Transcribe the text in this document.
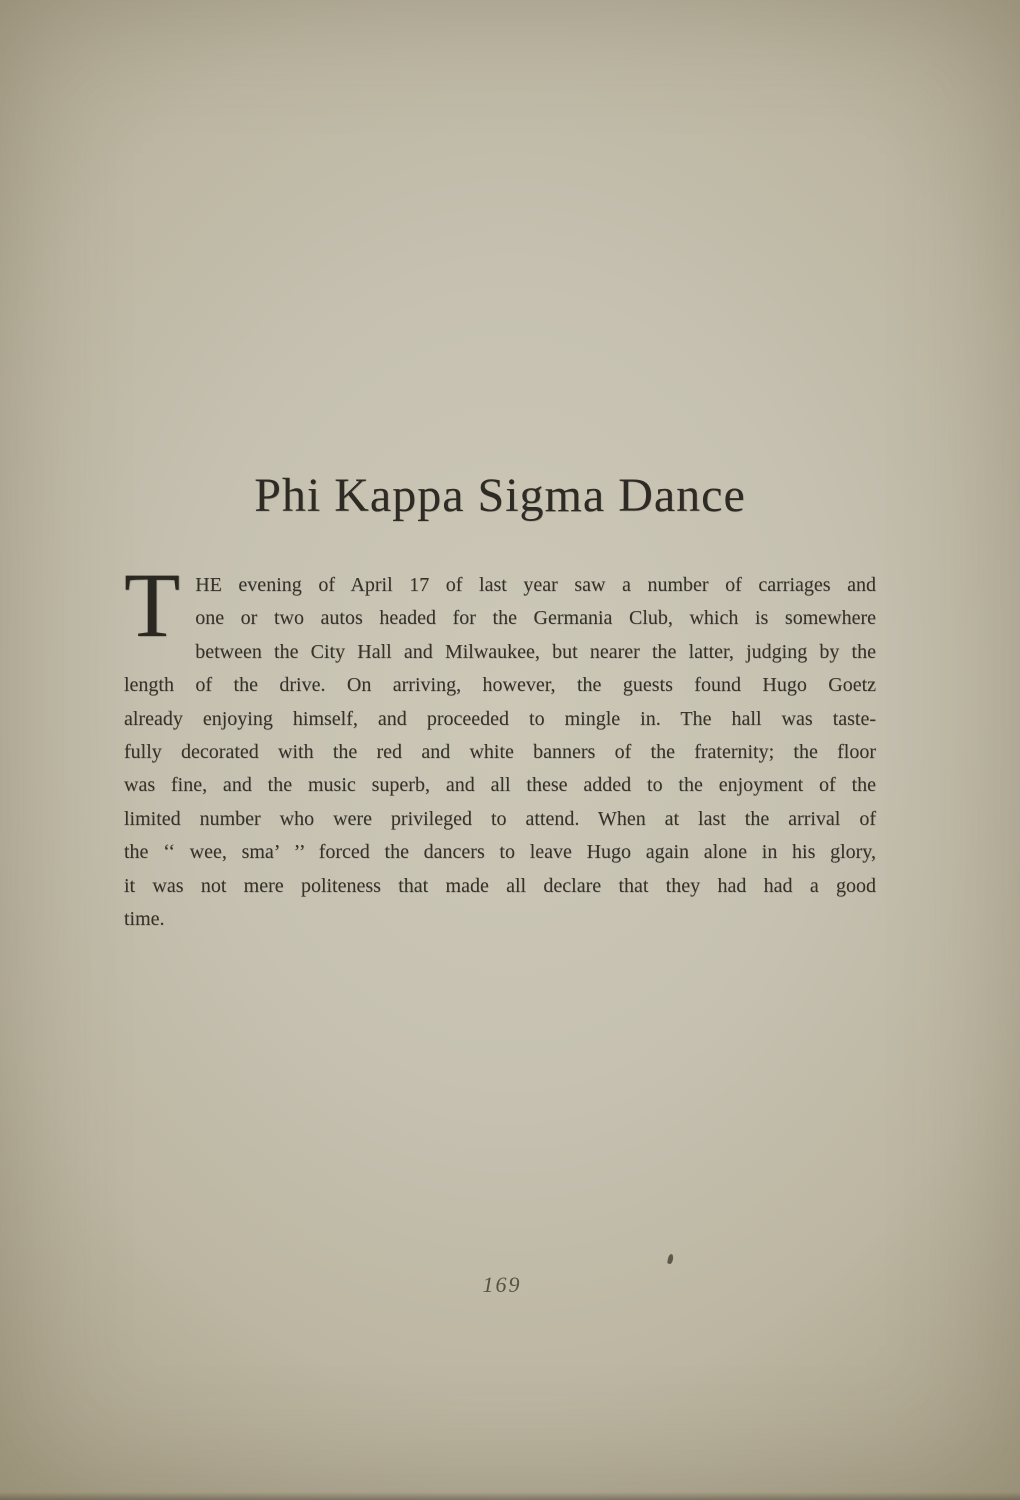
Phi Kappa Sigma Dance
T HE evening of April 17 of last year saw a number of carriages and
one or two autos headed for the Germania Club, which is somewhere
between the City Hall and Milwaukee, but nearer the latter, judging by the
length of the drive. On arriving, however, the guests found Hugo Goetz
already enjoying himself, and proceeded to mingle in. The hall was taste-
fully decorated with the red and white banners of the fraternity; the floor
was fine, and the music superb, and all these added to the enjoyment of the
limited number who were privileged to attend. When at last the arrival of
the ‘‘ wee, sma’ ’’ forced the dancers to leave Hugo again alone in his glory,
it was not mere politeness that made all declare that they had had a good
time.
169
